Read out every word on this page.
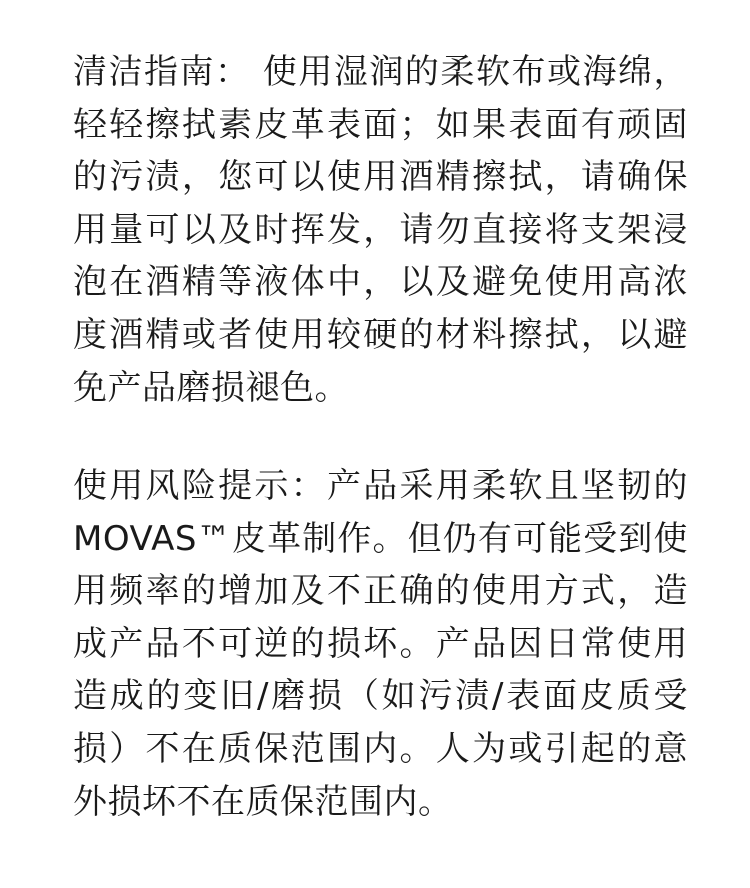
清洁指南： 使用湿润的柔软布或海绵，轻轻擦拭素皮革表面；如果表面有顽固的污渍，您可以使用酒精擦拭，请确保用量可以及时挥发，请勿直接将支架浸泡在酒精等液体中，以及避免使用高浓度酒精或者使用较硬的材料擦拭，以避免产品磨损褪色。

使用风险提示：产品采用柔软且坚韧的MOVAS™皮革制作。但仍有可能受到使用频率的增加及不正确的使用方式，造成产品不可逆的损坏。产品因日常使用造成的变旧/磨损（如污渍/表面皮质受损）不在质保范围内。人为或引起的意外损坏不在质保范围内。
